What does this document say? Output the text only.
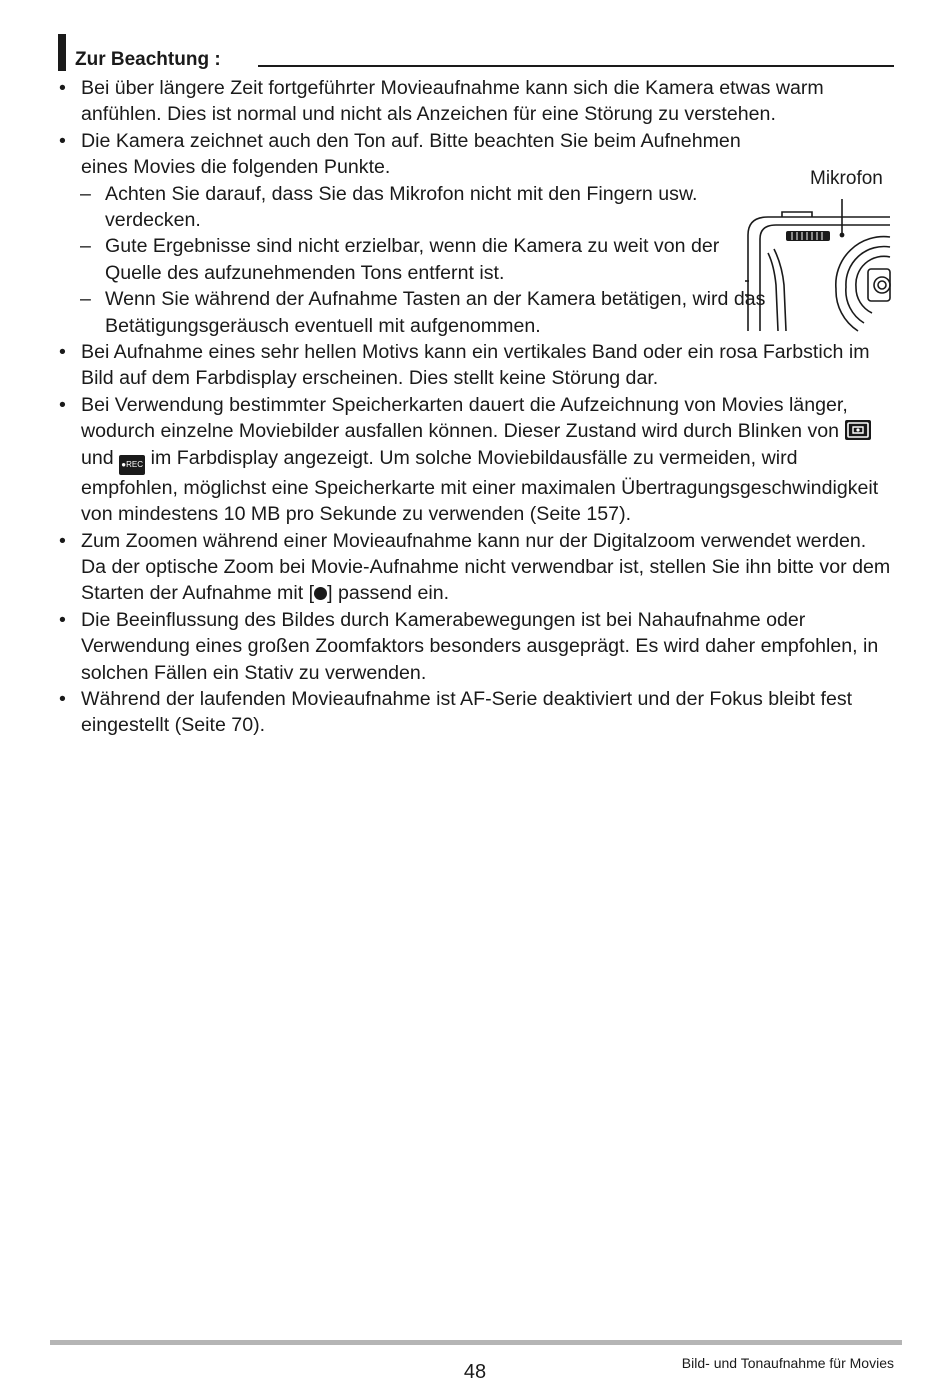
Zur Beachtung :
• Bei über längere Zeit fortgeführter Movieaufnahme kann sich die Kamera etwas warm anfühlen. Dies ist normal und nicht als Anzeichen für eine Störung zu verstehen.
• Die Kamera zeichnet auch den Ton auf. Bitte beachten Sie beim Aufnehmen eines Movies die folgenden Punkte.
– Achten Sie darauf, dass Sie das Mikrofon nicht mit den Fingern usw. verdecken.
– Gute Ergebnisse sind nicht erzielbar, wenn die Kamera zu weit von der Quelle des aufzunehmenden Tons entfernt ist.
– Wenn Sie während der Aufnahme Tasten an der Kamera betätigen, wird das Betätigungsgeräusch eventuell mit aufgenommen.
• Bei Aufnahme eines sehr hellen Motivs kann ein vertikales Band oder ein rosa Farbstich im Bild auf dem Farbdisplay erscheinen. Dies stellt keine Störung dar.
• Bei Verwendung bestimmter Speicherkarten dauert die Aufzeichnung von Movies länger, wodurch einzelne Moviebilder ausfallen können. Dieser Zustand wird durch Blinken von
und ●REC im Farbdisplay angezeigt. Um solche Moviebildausfälle zu vermeiden, wird empfohlen, möglichst eine Speicherkarte mit einer maximalen Übertragungsgeschwindigkeit von mindestens 10 MB pro Sekunde zu verwenden (Seite 157).
• Zum Zoomen während einer Movieaufnahme kann nur der Digitalzoom verwendet werden. Da der optische Zoom bei Movie-Aufnahme nicht verwendbar ist, stellen Sie ihn bitte vor dem Starten der Aufnahme mit [ ] passend ein.
• Die Beeinflussung des Bildes durch Kamerabewegungen ist bei Nahaufnahme oder Verwendung eines großen Zoomfaktors besonders ausgeprägt. Es wird daher empfohlen, in solchen Fällen ein Stativ zu verwenden.
• Während der laufenden Movieaufnahme ist AF-Serie deaktiviert und der Fokus bleibt fest eingestellt (Seite 70).
Mikrofon
48	Bild- und Tonaufnahme für Movies
